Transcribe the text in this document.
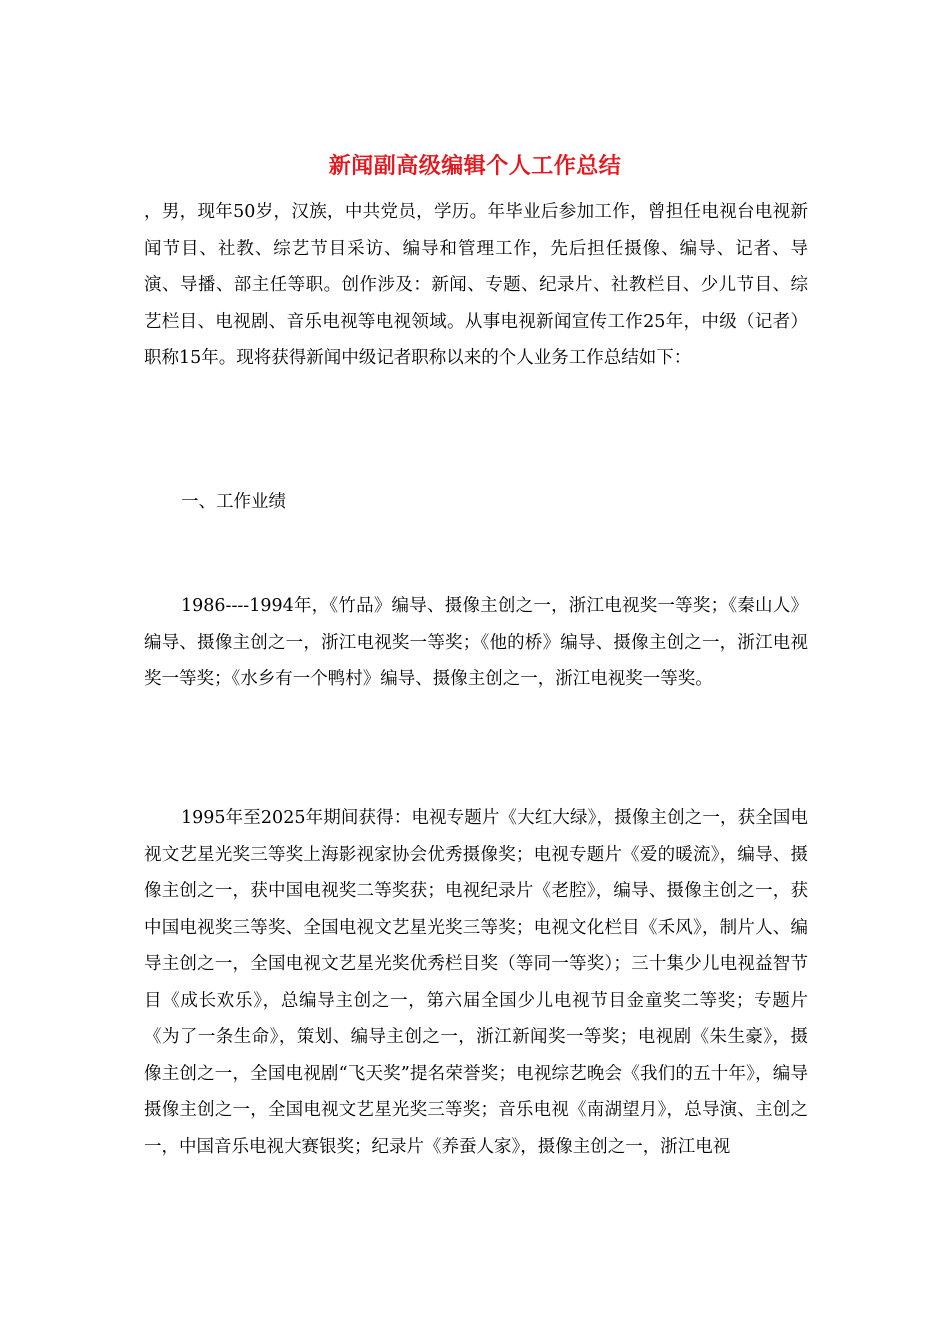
新闻副高级编辑个人工作总结

，男，现年50岁，汉族，中共党员，学历。年毕业后参加工作，曾担任电视台电视新闻节目、社教、综艺节目采访、编导和管理工作，先后担任摄像、编导、记者、导演、导播、部主任等职。创作涉及：新闻、专题、纪录片、社教栏目、少儿节目、综艺栏目、电视剧、音乐电视等电视领域。从事电视新闻宣传工作25年，中级（记者）职称15年。现将获得新闻中级记者职称以来的个人业务工作总结如下：

一、工作业绩

1986----1994年，《竹品》编导、摄像主创之一，浙江电视奖一等奖；《秦山人》编导、摄像主创之一，浙江电视奖一等奖；《他的桥》编导、摄像主创之一，浙江电视奖一等奖；《水乡有一个鸭村》编导、摄像主创之一，浙江电视奖一等奖。

1995年至2025年期间获得：电视专题片《大红大绿》，摄像主创之一，获全国电视文艺星光奖三等奖上海影视家协会优秀摄像奖；电视专题片《爱的暖流》，编导、摄像主创之一，获中国电视奖二等奖获；电视纪录片《老腔》，编导、摄像主创之一，获中国电视奖三等奖、全国电视文艺星光奖三等奖；电视文化栏目《禾风》，制片人、编导主创之一，全国电视文艺星光奖优秀栏目奖（等同一等奖）；三十集少儿电视益智节目《成长欢乐》，总编导主创之一，第六届全国少儿电视节目金童奖二等奖；专题片《为了一条生命》，策划、编导主创之一，浙江新闻奖一等奖；电视剧《朱生豪》，摄像主创之一，全国电视剧“飞天奖”提名荣誉奖；电视综艺晚会《我们的五十年》，编导摄像主创之一，全国电视文艺星光奖三等奖；音乐电视《南湖望月》，总导演、主创之一，中国音乐电视大赛银奖；纪录片《养蚕人家》，摄像主创之一，浙江电视
